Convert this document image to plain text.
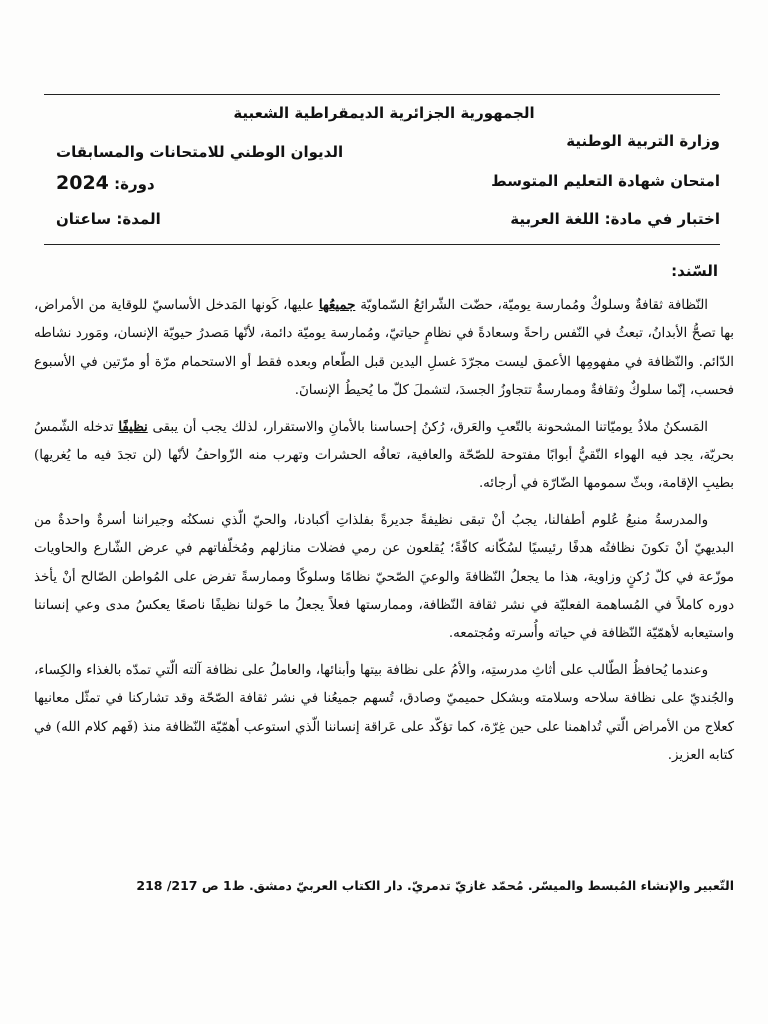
الجمهورية الجزائرية الديمقراطية الشعبية
وزارة التربية الوطنية
الديوان الوطني للامتحانات والمسابقات
امتحان شهادة التعليم المتوسط
دورة: 2024
اختبار في مادة: اللغة العربية
المدة: ساعتان
السّند:

النّظافة ثقافةٌ وسلوكٌ ومُمارسة يوميّة، حضّت الشّرائعُ السّماويّة جميعُها عليها، كَونها المَدخل الأساسيّ للوقاية من الأمراض، بها تصحُّ الأبدانُ، تبعثُ في النّفس راحةً وسعادةً في نظامٍ حياتيّ، ومُمارسة يوميّة دائمة، لأنّها مَصدرُ حيويّة الإنسان، ومَورد نشاطه الدّائم. والنّظافة في مفهومِها الأعمق ليست مجرّدَ غسلِ اليدين قبل الطّعام وبعده فقط أو الاستحمام مرّة أو مرّتين في الأسبوع فحسب، إنّما سلوكٌ وثقافةٌ وممارسةٌ تتجاوزُ الجسدَ، لتشملَ كلّ ما يُحيطُ الإنسانَ.

المَسكنُ ملاذُ يوميّاتنا المشحونة بالتّعبِ والعَرق، رُكنُ إحساسنا بالأمانِ والاستقرار، لذلك يجب أن يبقى نظيفًا تدخله الشّمسُ بحريّة، يجد فيه الهواء النّقيُّ أبوابًا مفتوحة للصّحّة والعافية، تعافُه الحشرات وتهرب منه الزّواحفُ لأنّها (لن تجدَ فيه ما يُغريها) بطيبِ الإقامة، وبثّ سمومها الضّارّة في أرجائه.

والمدرسةُ منبعُ عُلوم أطفالنا، يجبُ أنْ تبقى نظيفةً جديرةً بفلذاتِ أكبادنا، والحيّ الّذي نسكنُه وجيراننا أسرةٌ واحدةٌ من البديهيّ أنْ تكونَ نظافتُه هدفًا رئيسيًا لسُكّانه كافّةً؛ يُقلعون عن رمي فضلات منازلهم ومُخلّفاتهم في عرض الشّارع والحاويات موزّعة في كلّ رُكنٍ وزاوية، هذا ما يجعلُ النّظافةَ والوعيَ الصّحيّ نظامًا وسلوكًا وممارسةً تفرض على المُواطن الصّالح أنْ يأخذ دوره كاملاً في المُساهمة الفعليّة في نشر ثقافة النّظافة، وممارستها فعلاً يجعلُ ما حَولنا نظيفًا ناصعًا يعكسُ مدى وعي إنساننا واستيعابه لأهمّيّة النّظافة في حياته وأُسرته ومُجتمعه.

وعندما يُحافظُ الطّالب على أثاثِ مدرستِه، والأمُ على نظافة بيتها وأبنائها، والعاملُ على نظافة آلته الّتي تمدّه بالغذاء والكِساء، والجُنديّ على نظافة سلاحه وسلامته وبشكل حميميّ وصادق، تُسهم جميعُنا في نشر ثقافة الصّحّة وقد تشاركنا في تمثّل معانيها كعلاج من الأمراض الّتي تُداهمنا على حين غِرّة، كما تؤكّد على عَراقة إنساننا الّذي استوعب أهمّيّة النّظافة منذ (فَهم كلام الله) في كتابه العزيز.

التّعبير والإنشاء المُبسط والميسّر. مُحمّد غازيّ تدمريّ. دار الكتاب العربيّ دمشق. ط1 ص 217/ 218
